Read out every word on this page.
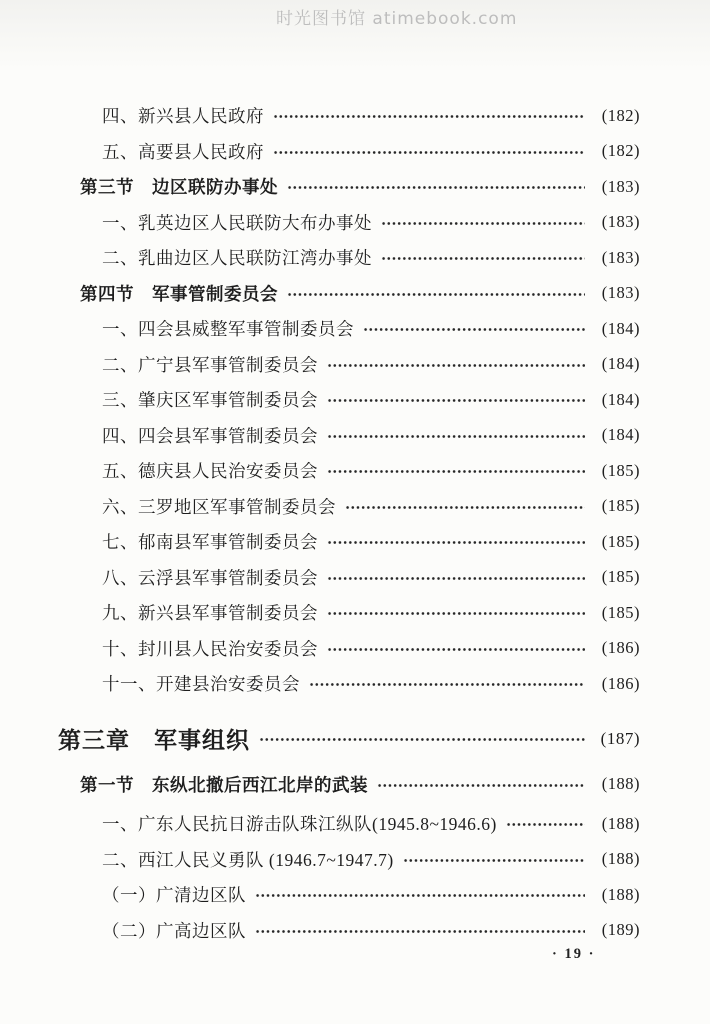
时光图书馆 atimebook.com
四、新兴县人民政府	(182)
五、高要县人民政府	(182)
第三节　边区联防办事处	(183)
一、乳英边区人民联防大布办事处	(183)
二、乳曲边区人民联防江湾办事处	(183)
第四节　军事管制委员会	(183)
一、四会县威整军事管制委员会	(184)
二、广宁县军事管制委员会	(184)
三、肇庆区军事管制委员会	(184)
四、四会县军事管制委员会	(184)
五、德庆县人民治安委员会	(185)
六、三罗地区军事管制委员会	(185)
七、郁南县军事管制委员会	(185)
八、云浮县军事管制委员会	(185)
九、新兴县军事管制委员会	(185)
十、封川县人民治安委员会	(186)
十一、开建县治安委员会	(186)
第三章　军事组织	(187)
第一节　东纵北撤后西江北岸的武装	(188)
一、广东人民抗日游击队珠江纵队(1945.8~1946.6)	(188)
二、西江人民义勇队 (1946.7~1947.7)	(188)
（一）广清边区队	(188)
（二）广高边区队	(189)
· 19 ·
